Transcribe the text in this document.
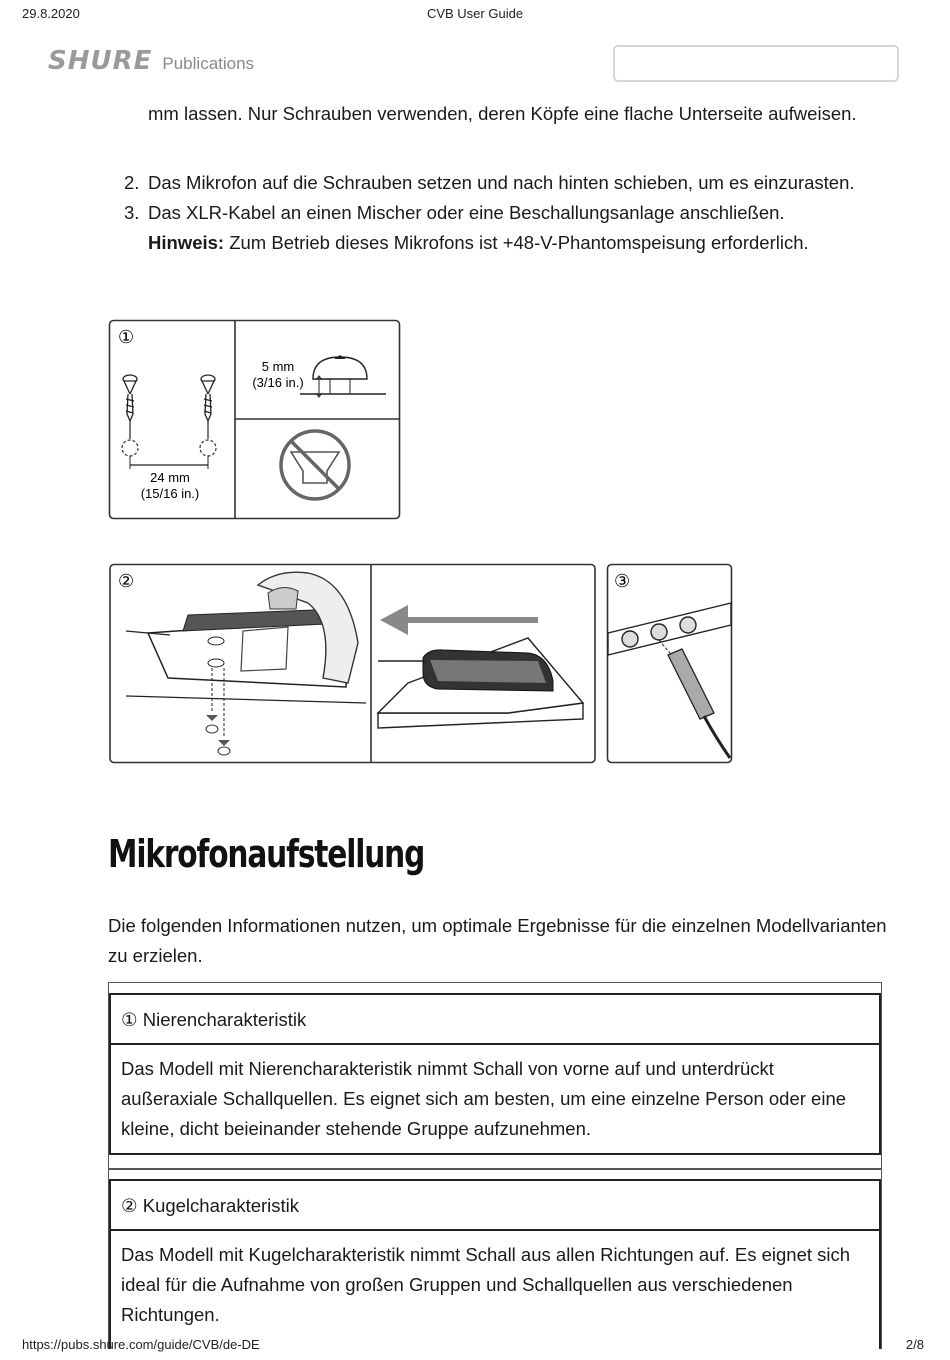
29.8.2020	CVB User Guide
SHURE Publications
mm lassen. Nur Schrauben verwenden, deren Köpfe eine flache Unterseite aufweisen.
2. Das Mikrofon auf die Schrauben setzen und nach hinten schieben, um es einzurasten.
3. Das XLR-Kabel an einen Mischer oder eine Beschallungsanlage anschließen.
Hinweis: Zum Betrieb dieses Mikrofons ist +48-V-Phantomspeisung erforderlich.
①
24 mm
(15/16 in.)
5 mm
(3/16 in.)
②	③
Mikrofonaufstellung
Die folgenden Informationen nutzen, um optimale Ergebnisse für die einzelnen Modellvarianten zu erzielen.
① Nierencharakteristik
Das Modell mit Nierencharakteristik nimmt Schall von vorne auf und unterdrückt außeraxiale Schallquellen. Es eignet sich am besten, um eine einzelne Person oder eine kleine, dicht beieinander stehende Gruppe aufzunehmen.
② Kugelcharakteristik
Das Modell mit Kugelcharakteristik nimmt Schall aus allen Richtungen auf. Es eignet sich ideal für die Aufnahme von großen Gruppen und Schallquellen aus verschiedenen Richtungen.
https://pubs.shure.com/guide/CVB/de-DE	2/8
